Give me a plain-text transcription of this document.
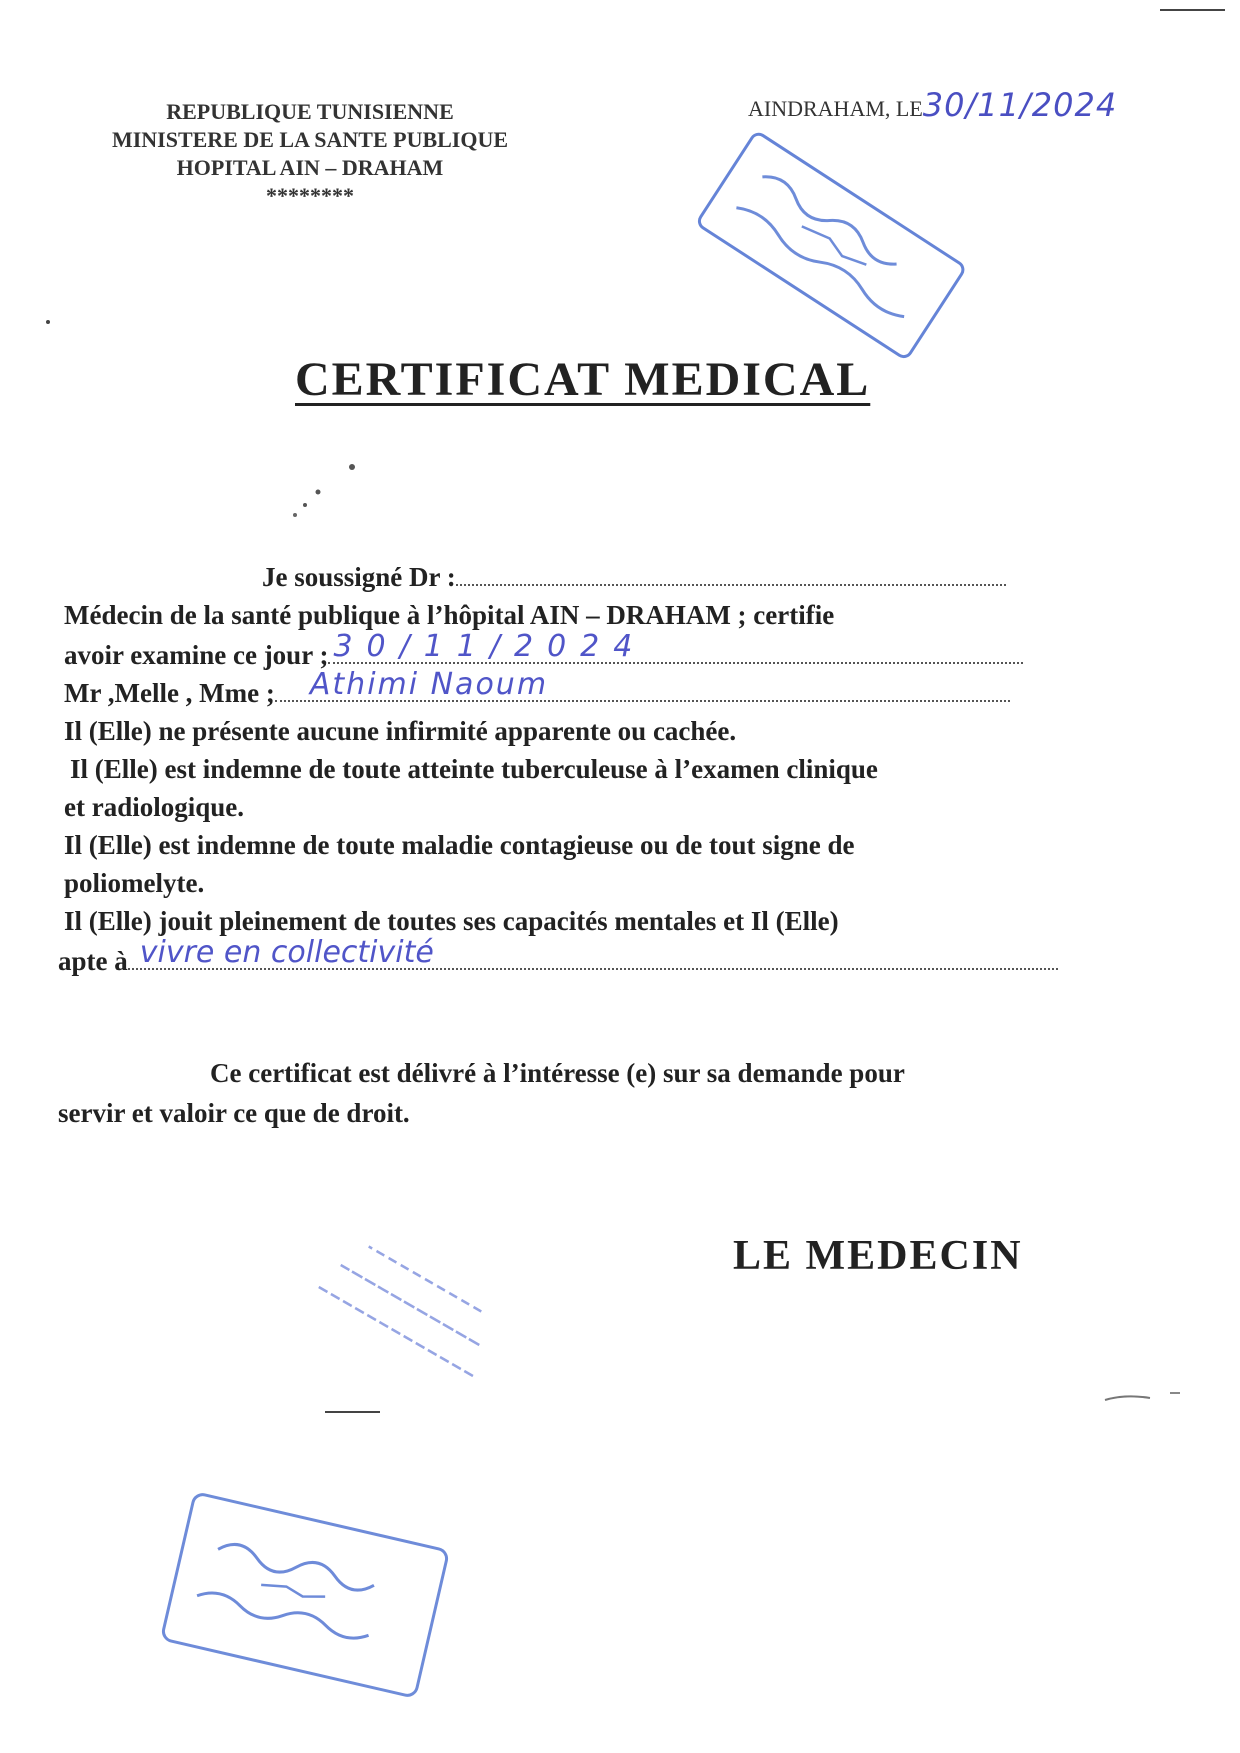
REPUBLIQUE TUNISIENNE
MINISTERE DE LA SANTE PUBLIQUE
HOPITAL AIN – DRAHAM
********
AINDRAHAM, LE30/11/2024
CERTIFICAT MEDICAL
Je soussigné Dr :
Médecin de la santé publique à l’hôpital AIN – DRAHAM ; certifie
avoir examine ce jour ; 30/11/2024
Mr ,Melle , Mme ; Athimi Naoum
Il (Elle) ne présente aucune infirmité apparente ou cachée.
Il (Elle) est indemne de toute atteinte tuberculeuse à l’examen clinique
et radiologique.
Il (Elle) est indemne de toute maladie contagieuse ou de tout signe de
poliomelyte.
Il (Elle) jouit pleinement de toutes ses capacités mentales et Il (Elle)
apte à vivre en collectivité
Ce certificat est délivré à l’intéresse (e) sur sa demande pour
servir et valoir ce que de droit.
LE MEDECIN
